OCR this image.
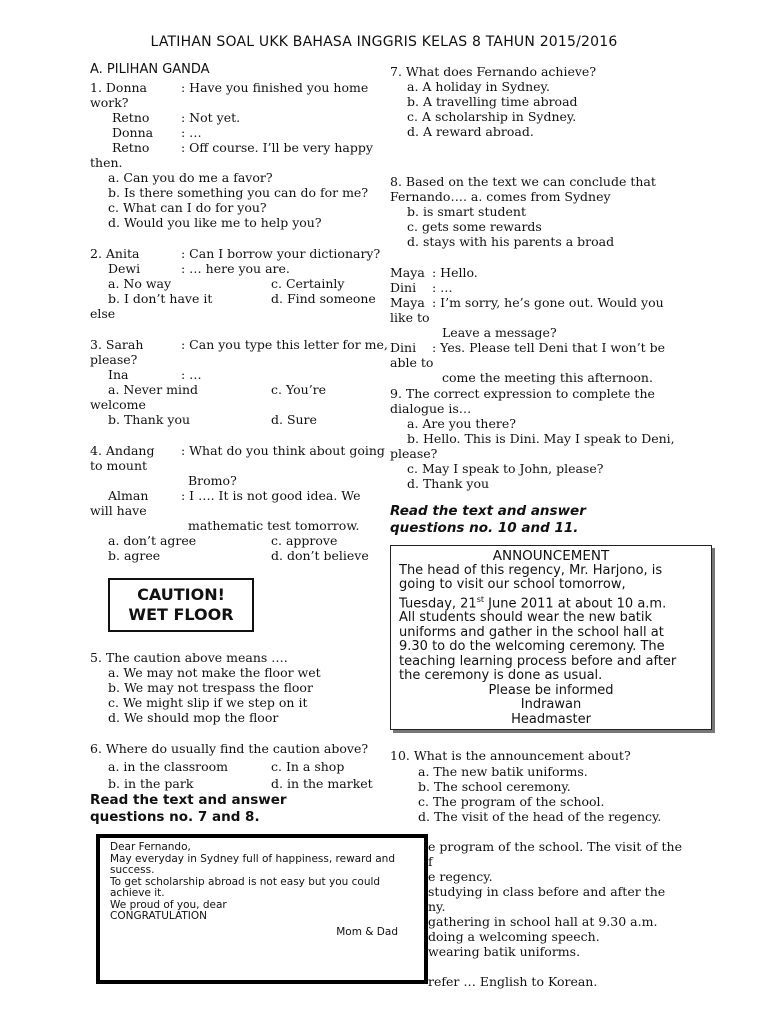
LATIHAN SOAL UKK BAHASA INGGRIS KELAS 8 TAHUN 2015/2016
A. PILIHAN GANDA
1. Donna	: Have you finished you home
work?
Retno	: Not yet.
Donna : …
Retno	: Off course. I’ll be very happy
then.
a. Can you do me a favor?
b. Is there something you can do for me?
c. What can I do for you?
d. Would you like me to help you?
2. Anita	: Can I borrow your dictionary?
Dewi	: … here you are.
a. No way	c. Certainly
b. I don’t have it	d. Find someone
else
3. Sarah	: Can you type this letter for me,
please?
Ina	: …
a. Never mind	c. You’re
welcome
b. Thank you	d. Sure
4. Andang : What do you think about going
to mount
Bromo?
Alman	: I …. It is not good idea. We
will have
mathematic test tomorrow.
a. don’t agree	c. approve
b. agree	d. don’t believe
CAUTION!
WET FLOOR
5. The caution above means ….
a. We may not make the floor wet
b. We may not trespass the floor
c. We might slip if we step on it
d. We should mop the floor
6. Where do usually find the caution above?
a. in the classroom	c. In a shop
b. in the park	d. in the market
Read the text and answer
questions no. 7 and 8.
7. What does Fernando achieve?
a. A holiday in Sydney.
b. A travelling time abroad
c. A scholarship in Sydney.
d. A reward abroad.
8. Based on the text we can conclude that
Fernando…. a. comes from Sydney
b. is smart student
c. gets some rewards
d. stays with his parents a broad
Maya : Hello.
Dini : …
Maya : I’m sorry, he’s gone out. Would you
like to
Leave a message?
Dini : Yes. Please tell Deni that I won’t be
able to
come the meeting this afternoon.
9. The correct expression to complete the
dialogue is…
a. Are you there?
b. Hello. This is Dini. May I speak to Deni,
please?
c. May I speak to John, please?
d. Thank you
Read the text and answer
questions no. 10 and 11.
ANNOUNCEMENT
The head of this regency, Mr. Harjono, is
going to visit our school tomorrow,
Tuesday, 21st June 2011 at about 10 a.m.
All students should wear the new batik
uniforms and gather in the school hall at
9.30 to do the welcoming ceremony. The
teaching learning process before and after
the ceremony is done as usual.
Please be informed
Indrawan
Headmaster
10. What is the announcement about?
a. The new batik uniforms.
b. The school ceremony.
c. The program of the school.
d. The visit of the head of the regency.
e program of the school. The visit of the
f
e regency.
studying in class before and after the
ny.
gathering in school hall at 9.30 a.m.
doing a welcoming speech.
wearing batik uniforms.
refer … English to Korean.
Dear Fernando,
May everyday in Sydney full of happiness, reward and
success.
To get scholarship abroad is not easy but you could
achieve it.
We proud of you, dear
CONGRATULATION
Mom & Dad
